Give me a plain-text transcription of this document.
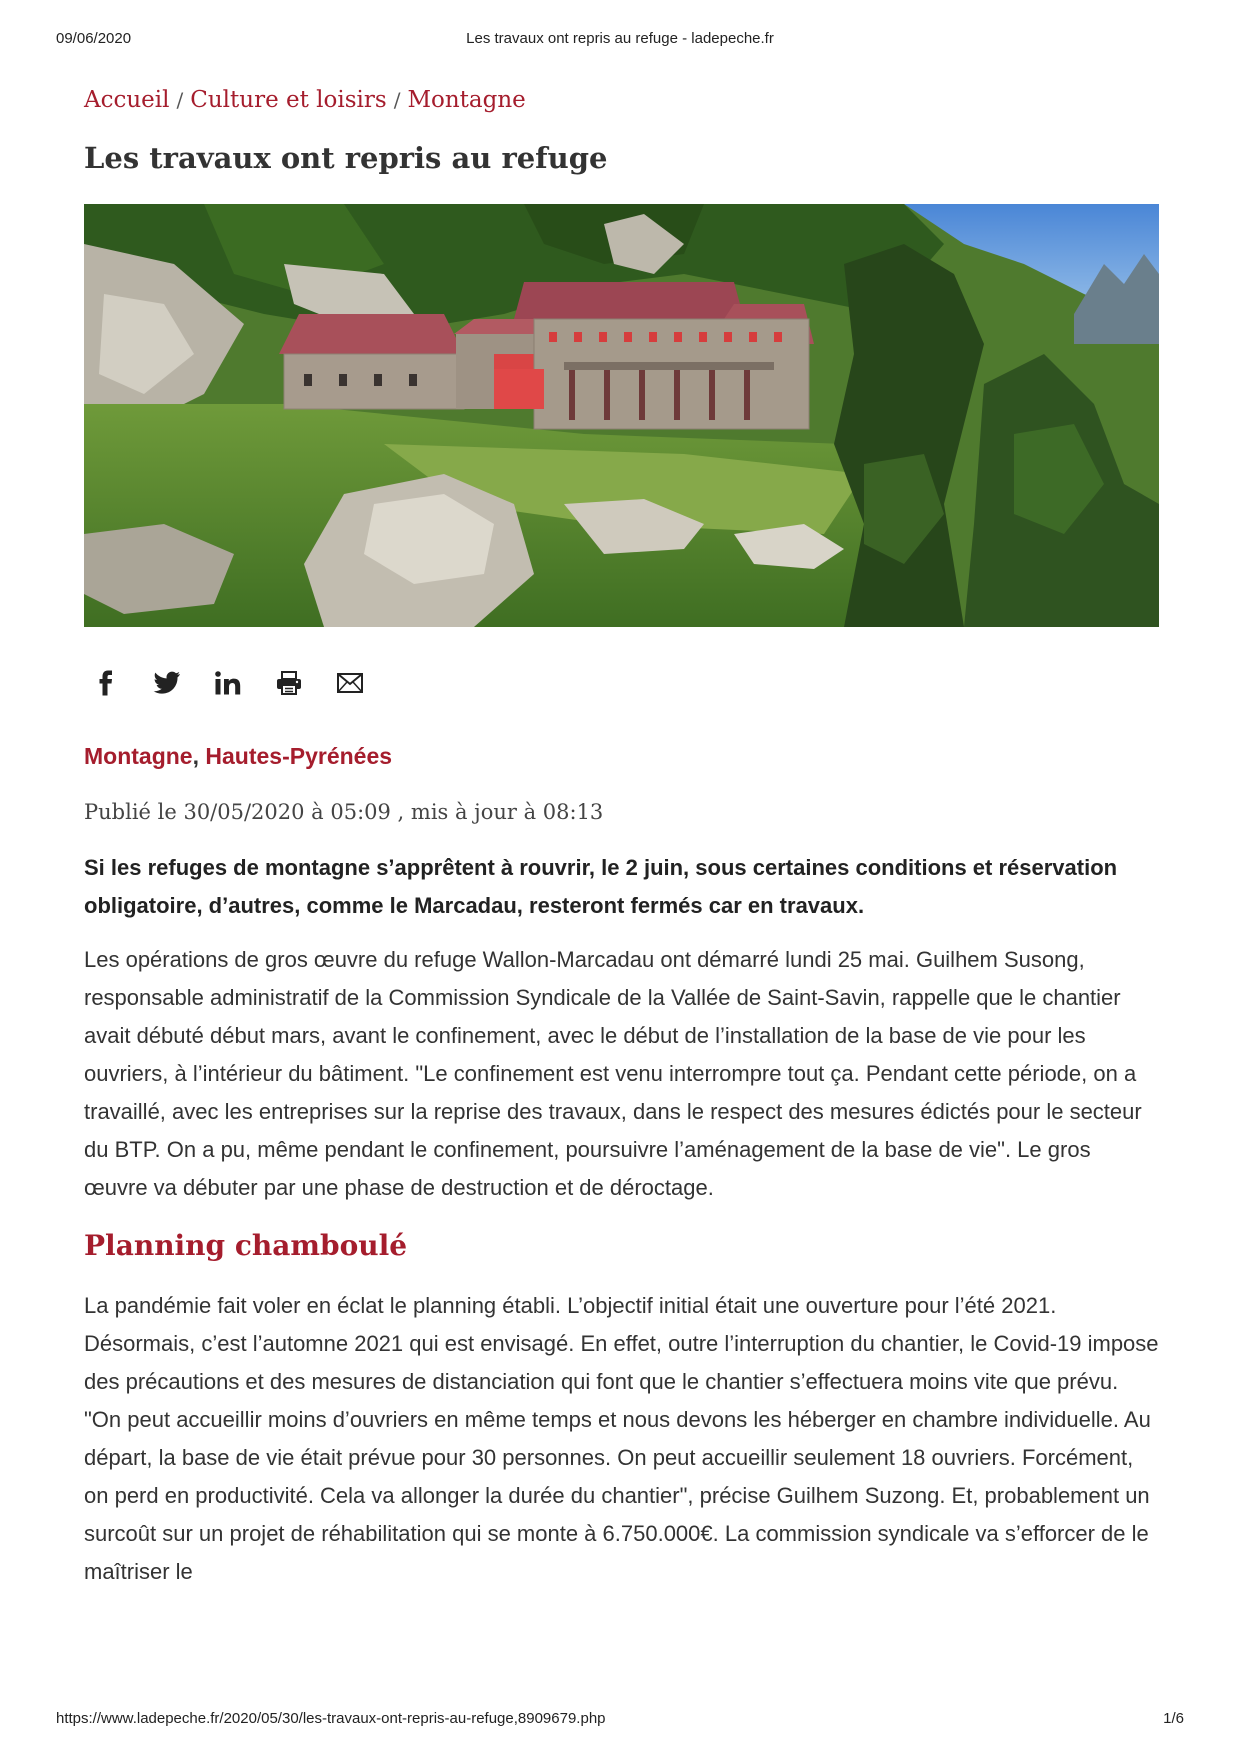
09/06/2020	Les travaux ont repris au refuge - ladepeche.fr
Accueil / Culture et loisirs / Montagne
Les travaux ont repris au refuge
Montagne, Hautes-Pyrénées
Publié le 30/05/2020 à 05:09 , mis à jour à 08:13

Si les refuges de montagne s’apprêtent à rouvrir, le 2 juin, sous certaines conditions et réservation obligatoire, d’autres, comme le Marcadau, resteront fermés car en travaux.

Les opérations de gros œuvre du refuge Wallon-Marcadau ont démarré lundi 25 mai. Guilhem Susong, responsable administratif de la Commission Syndicale de la Vallée de Saint-Savin, rappelle que le chantier avait débuté début mars, avant le confinement, avec le début de l’installation de la base de vie pour les ouvriers, à l’intérieur du bâtiment. "Le confinement est venu interrompre tout ça. Pendant cette période, on a travaillé, avec les entreprises sur la reprise des travaux, dans le respect des mesures édictés pour le secteur du BTP. On a pu, même pendant le confinement, poursuivre l’aménagement de la base de vie". Le gros œuvre va débuter par une phase de destruction et de déroctage.

Planning chamboulé

La pandémie fait voler en éclat le planning établi. L’objectif initial était une ouverture pour l’été 2021. Désormais, c’est l’automne 2021 qui est envisagé. En effet, outre l’interruption du chantier, le Covid-19 impose des précautions et des mesures de distanciation qui font que le chantier s’effectuera moins vite que prévu. "On peut accueillir moins d’ouvriers en même temps et nous devons les héberger en chambre individuelle. Au départ, la base de vie était prévue pour 30 personnes. On peut accueillir seulement 18 ouvriers. Forcément, on perd en productivité. Cela va allonger la durée du chantier", précise Guilhem Suzong. Et, probablement un surcoût sur un projet de réhabilitation qui se monte à 6.750.000€. La commission syndicale va s’efforcer de le maîtriser le

https://www.ladepeche.fr/2020/05/30/les-travaux-ont-repris-au-refuge,8909679.php	1/6
